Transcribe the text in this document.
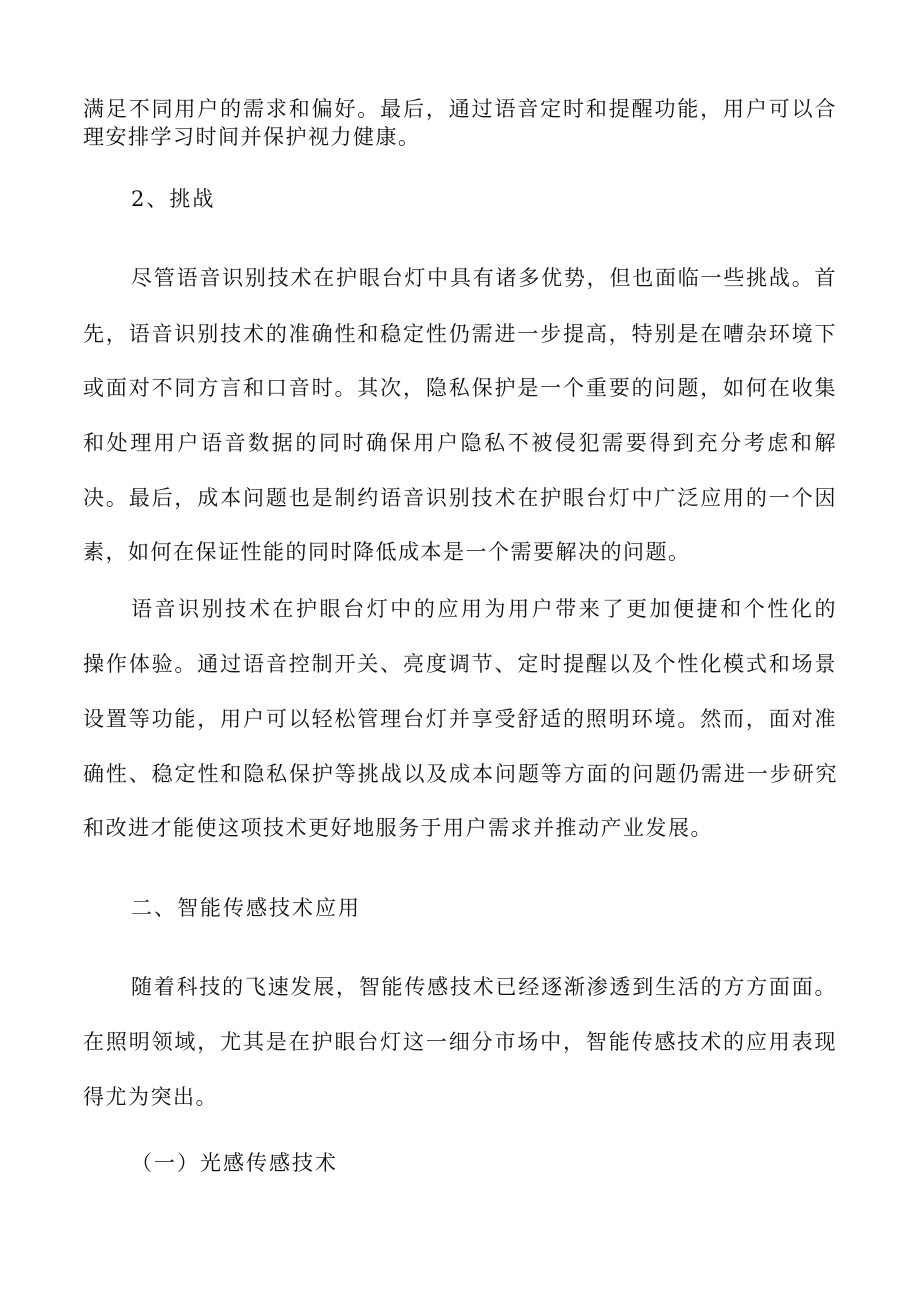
满足不同用户的需求和偏好。最后，通过语音定时和提醒功能，用户可以合
理安排学习时间并保护视力健康。
2、挑战
尽管语音识别技术在护眼台灯中具有诸多优势，但也面临一些挑战。首
先，语音识别技术的准确性和稳定性仍需进一步提高，特别是在嘈杂环境下
或面对不同方言和口音时。其次，隐私保护是一个重要的问题，如何在收集
和处理用户语音数据的同时确保用户隐私不被侵犯需要得到充分考虑和解
决。最后，成本问题也是制约语音识别技术在护眼台灯中广泛应用的一个因
素，如何在保证性能的同时降低成本是一个需要解决的问题。
语音识别技术在护眼台灯中的应用为用户带来了更加便捷和个性化的
操作体验。通过语音控制开关、亮度调节、定时提醒以及个性化模式和场景
设置等功能，用户可以轻松管理台灯并享受舒适的照明环境。然而，面对准
确性、稳定性和隐私保护等挑战以及成本问题等方面的问题仍需进一步研究
和改进才能使这项技术更好地服务于用户需求并推动产业发展。
二、智能传感技术应用
随着科技的飞速发展，智能传感技术已经逐渐渗透到生活的方方面面。
在照明领域，尤其是在护眼台灯这一细分市场中，智能传感技术的应用表现
得尤为突出。
（一）光感传感技术
